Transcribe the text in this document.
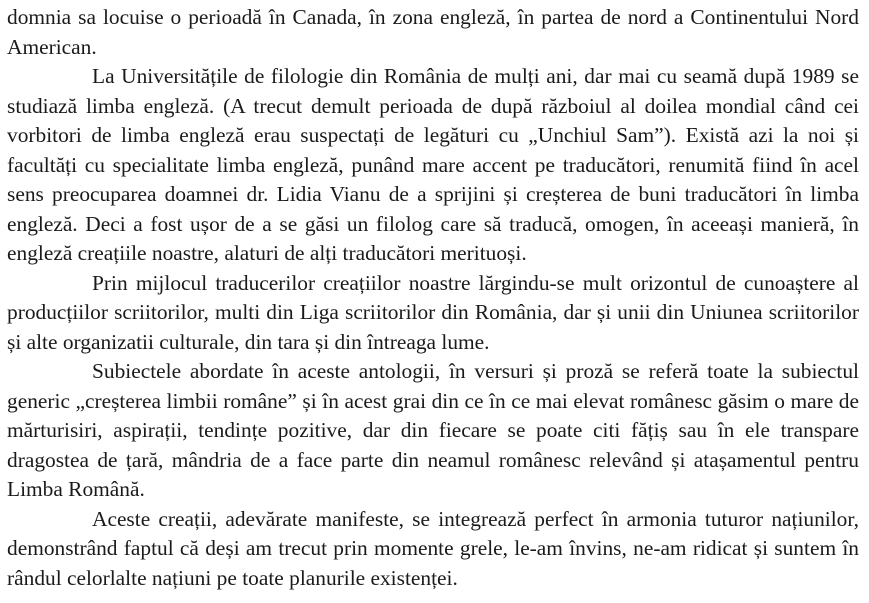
domnia sa locuise o perioadă în Canada, în zona engleză, în partea de nord a Continentului Nord American.

La Universitățile de filologie din România de mulți ani, dar mai cu seamă după 1989 se studiază limba engleză. (A trecut demult perioada de după războiul al doilea mondial când cei vorbitori de limba engleză erau suspectați de legături cu „Unchiul Sam”). Există azi la noi și facultăți cu specialitate limba engleză, punând mare accent pe traducători, renumită fiind în acel sens preocuparea doamnei dr. Lidia Vianu de a sprijini și creșterea de buni traducători în limba engleză. Deci a fost ușor de a se găsi un filolog care să traducă, omogen, în aceeași manieră, în engleză creațiile noastre, alaturi de alți traducători merituoși.

Prin mijlocul traducerilor creațiilor noastre lărgindu-se mult orizontul de cunoaștere al producțiilor scriitorilor, multi din Liga scriitorilor din România, dar și unii din Uniunea scriitorilor și alte organizatii culturale, din tara și din întreaga lume.

Subiectele abordate în aceste antologii, în versuri și proză se referă toate la subiectul generic „creșterea limbii române” și în acest grai din ce în ce mai elevat românesc găsim o mare de mărturisiri, aspirații, tendințe pozitive, dar din fiecare se poate citi fățiș sau în ele transpare dragostea de țară, mândria de a face parte din neamul românesc relevând și atașamentul pentru Limba Română.

Aceste creații, adevărate manifeste, se integrează perfect în armonia tuturor națiunilor, demonstrând faptul că deși am trecut prin momente grele, le-am învins, ne-am ridicat și suntem în rândul celorlalte națiuni pe toate planurile existenței.
